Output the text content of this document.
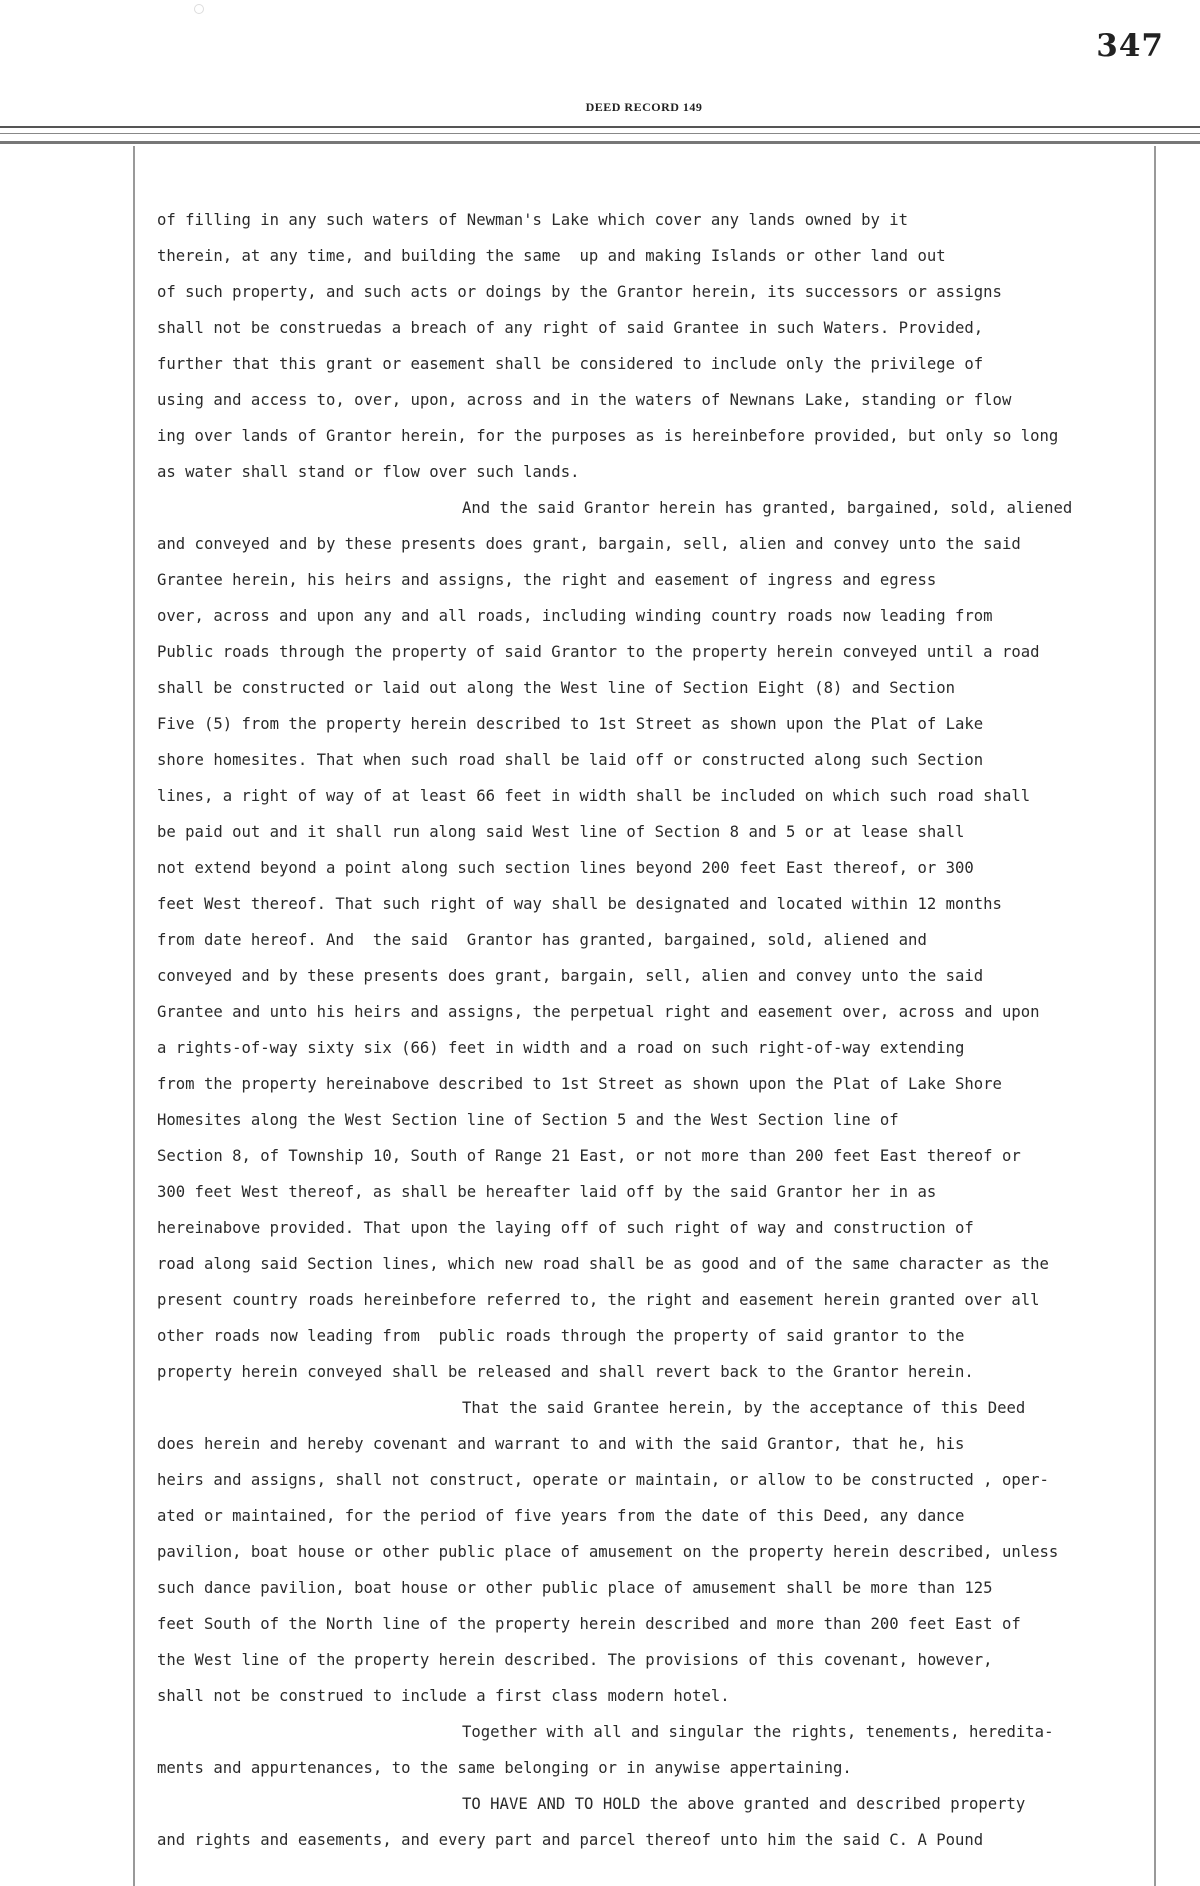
347
DEED RECORD 149
of filling in any such waters of Newman's Lake which cover any lands owned by it
therein, at any time, and building the same  up and making Islands or other land out
of such property, and such acts or doings by the Grantor herein, its successors or assigns
shall not be construedas a breach of any right of said Grantee in such Waters. Provided,
further that this grant or easement shall be considered to include only the privilege of
using and access to, over, upon, across and in the waters of Newnans Lake, standing or flow
ing over lands of Grantor herein, for the purposes as is hereinbefore provided, but only so long
as water shall stand or flow over such lands.
And the said Grantor herein has granted, bargained, sold, aliened
and conveyed and by these presents does grant, bargain, sell, alien and convey unto the said
Grantee herein, his heirs and assigns, the right and easement of ingress and egress
over, across and upon any and all roads, including winding country roads now leading from
Public roads through the property of said Grantor to the property herein conveyed until a road
shall be constructed or laid out along the West line of Section Eight (8) and Section
Five (5) from the property herein described to 1st Street as shown upon the Plat of Lake
shore homesites. That when such road shall be laid off or constructed along such Section
lines, a right of way of at least 66 feet in width shall be included on which such road shall
be paid out and it shall run along said West line of Section 8 and 5 or at lease shall
not extend beyond a point along such section lines beyond 200 feet East thereof, or 300
feet West thereof. That such right of way shall be designated and located within 12 months
from date hereof. And  the said  Grantor has granted, bargained, sold, aliened and
conveyed and by these presents does grant, bargain, sell, alien and convey unto the said
Grantee and unto his heirs and assigns, the perpetual right and easement over, across and upon
a rights-of-way sixty six (66) feet in width and a road on such right-of-way extending
from the property hereinabove described to 1st Street as shown upon the Plat of Lake Shore
Homesites along the West Section line of Section 5 and the West Section line of
Section 8, of Township 10, South of Range 21 East, or not more than 200 feet East thereof or
300 feet West thereof, as shall be hereafter laid off by the said Grantor her in as
hereinabove provided. That upon the laying off of such right of way and construction of
road along said Section lines, which new road shall be as good and of the same character as the
present country roads hereinbefore referred to, the right and easement herein granted over all
other roads now leading from  public roads through the property of said grantor to the
property herein conveyed shall be released and shall revert back to the Grantor herein.
That the said Grantee herein, by the acceptance of this Deed
does herein and hereby covenant and warrant to and with the said Grantor, that he, his
heirs and assigns, shall not construct, operate or maintain, or allow to be constructed , oper-
ated or maintained, for the period of five years from the date of this Deed, any dance
pavilion, boat house or other public place of amusement on the property herein described, unless
such dance pavilion, boat house or other public place of amusement shall be more than 125
feet South of the North line of the property herein described and more than 200 feet East of
the West line of the property herein described. The provisions of this covenant, however,
shall not be construed to include a first class modern hotel.
Together with all and singular the rights, tenements, heredita-
ments and appurtenances, to the same belonging or in anywise appertaining.
TO HAVE AND TO HOLD the above granted and described property
and rights and easements, and every part and parcel thereof unto him the said C. A Pound
